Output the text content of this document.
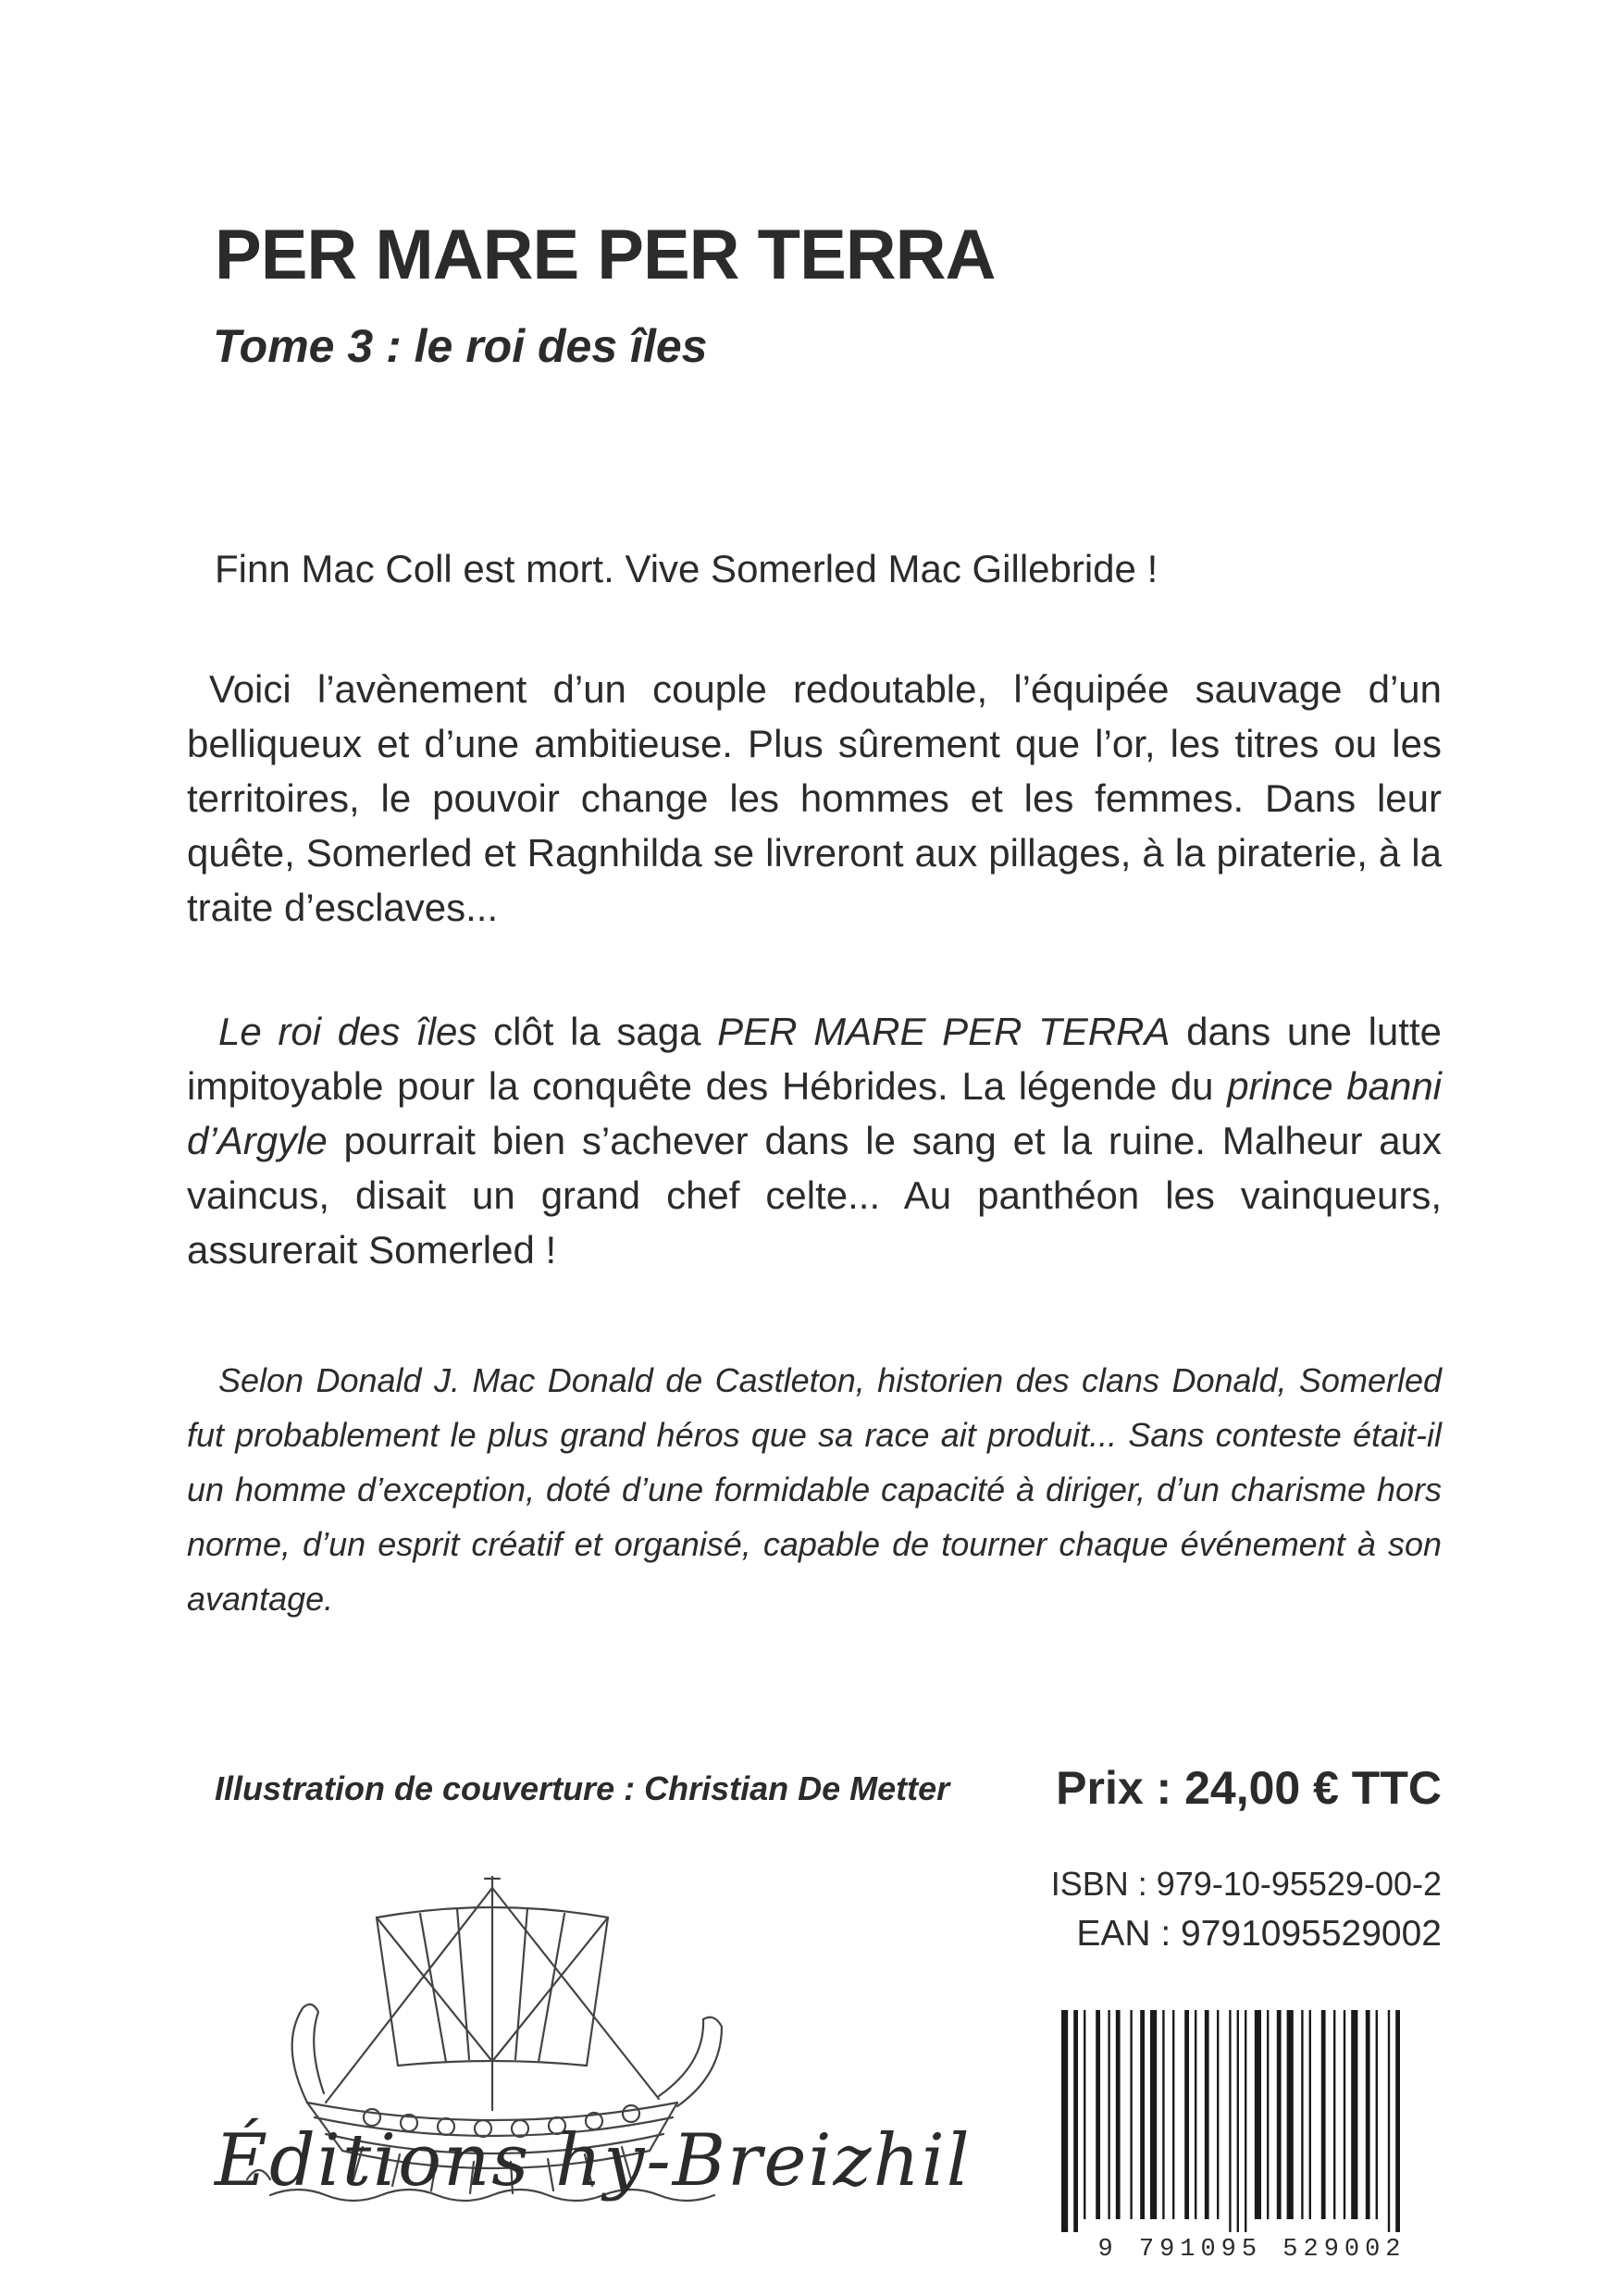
PER MARE PER TERRA
Tome 3 : le roi des îles

Finn Mac Coll est mort. Vive Somerled Mac Gillebride !

Voici l’avènement d’un couple redoutable, l’équipée sauvage d’un belliqueux et d’une ambitieuse. Plus sûrement que l’or, les titres ou les territoires, le pouvoir change les hommes et les femmes. Dans leur quête, Somerled et Ragnhilda se livreront aux pillages, à la piraterie, à la traite d’esclaves...

Le roi des îles clôt la saga PER MARE PER TERRA dans une lutte impitoyable pour la conquête des Hébrides. La légende du prince banni d’Argyle pourrait bien s’achever dans le sang et la ruine. Malheur aux vaincus, disait un grand chef celte... Au panthéon les vainqueurs, assurerait Somerled !

Selon Donald J. Mac Donald de Castleton, historien des clans Donald, Somerled fut probablement le plus grand héros que sa race ait produit... Sans conteste était-il un homme d’exception, doté d’une formidable capacité à diriger, d’un charisme hors norme, d’un esprit créatif et organisé, capable de tourner chaque événement à son avantage.

Illustration de couverture : Christian De Metter Prix : 24,00 € TTC

ISBN : 979-10-95529-00-2

EAN : 9791095529002

Éditions hy-Breizhil

9 791095 529002
